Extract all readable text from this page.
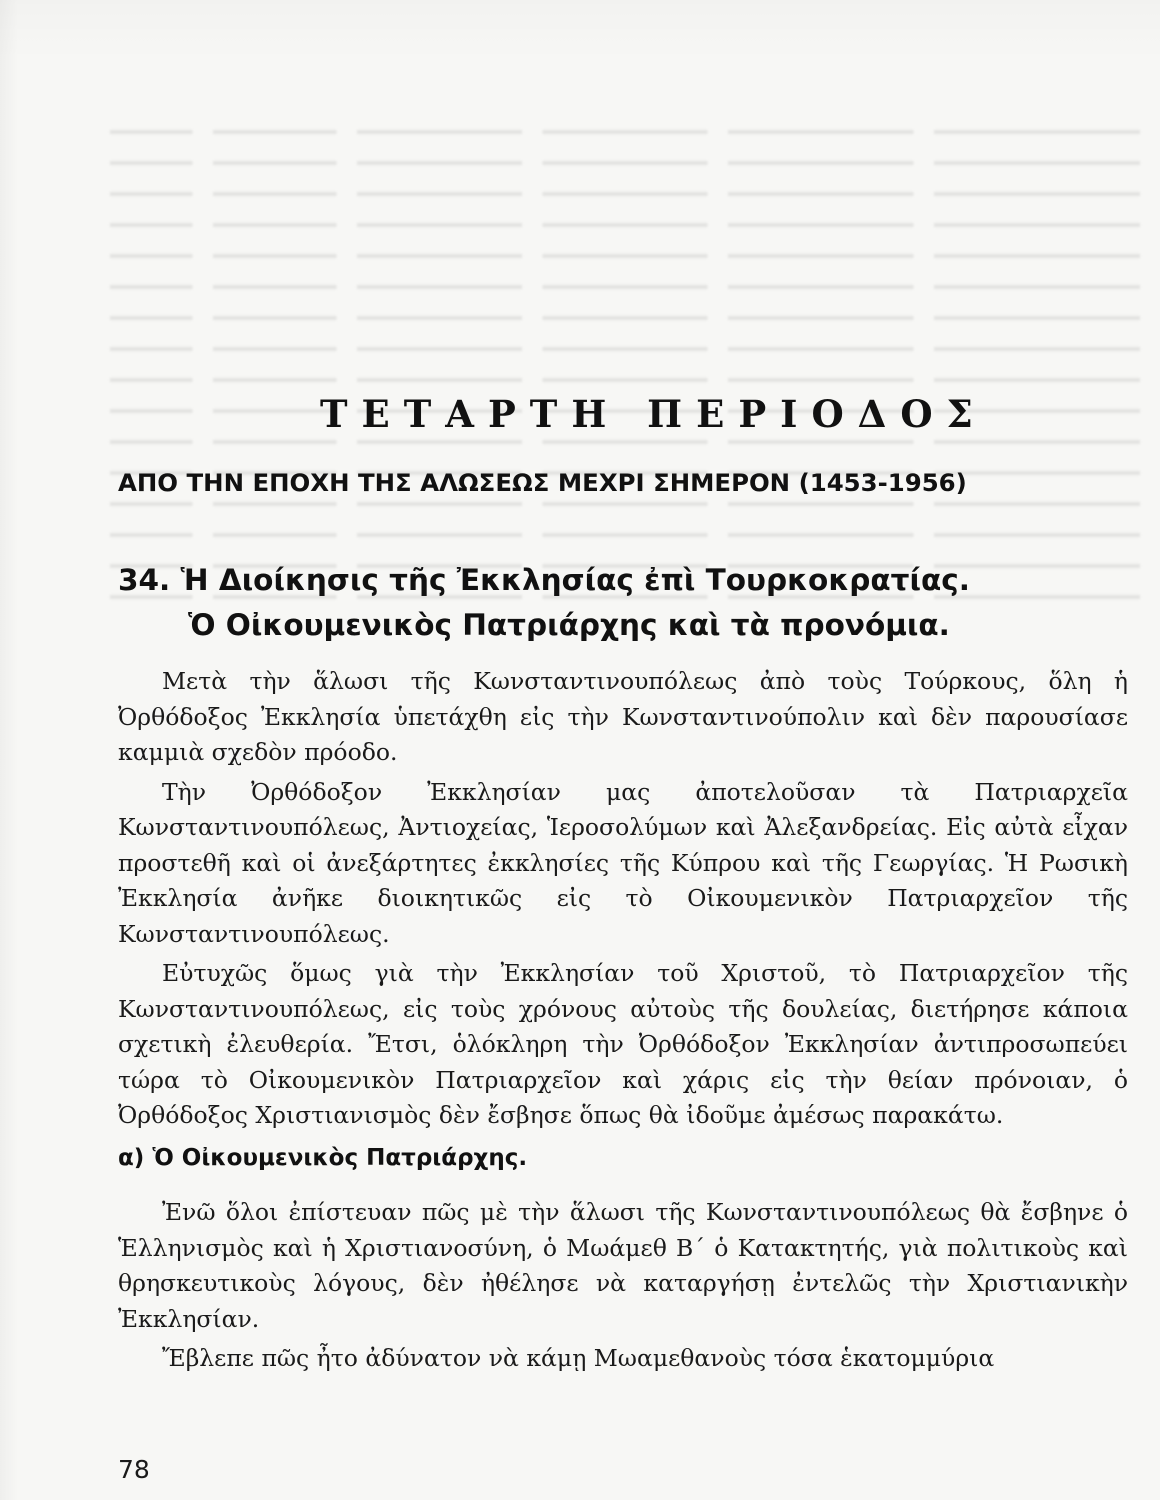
ΤΕΤΑΡΤΗ ΠΕΡΙΟΔΟΣ
ΑΠΟ ΤΗΝ ΕΠΟΧΗ ΤΗΣ ΑΛΩΣΕΩΣ ΜΕΧΡΙ ΣΗΜΕΡΟΝ (1453-1956)
34. Ἡ Διοίκησις τῆς Ἐκκλησίας ἐπὶ Τουρκοκρατίας.
Ὁ Οἰκουμενικὸς Πατριάρχης καὶ τὰ προνόμια.

Μετὰ τὴν ἅλωσι τῆς Κωνσταντινουπόλεως ἀπὸ τοὺς Τούρκους, ὅλη ἡ Ὀρθόδοξος Ἐκκλησία ὑπετάχθη εἰς τὴν Κωνσταντινούπολιν καὶ δὲν παρουσίασε καμμιὰ σχεδὸν πρόοδο.

Τὴν Ὀρθόδοξον Ἐκκλησίαν μας ἀποτελοῦσαν τὰ Πατριαρχεῖα Κωνσταντινουπόλεως, Ἀντιοχείας, Ἱεροσολύμων καὶ Ἀλεξανδρείας. Εἰς αὐτὰ εἶχαν προστεθῆ καὶ οἱ ἀνεξάρτητες ἐκκλησίες τῆς Κύπρου καὶ τῆς Γεωργίας. Ἡ Ρωσικὴ Ἐκκλησία ἀνῆκε διοικητικῶς εἰς τὸ Οἰκουμενικὸν Πατριαρχεῖον τῆς Κωνσταντινουπόλεως.

Εὐτυχῶς ὅμως γιὰ τὴν Ἐκκλησίαν τοῦ Χριστοῦ, τὸ Πατριαρχεῖον τῆς Κωνσταντινουπόλεως, εἰς τοὺς χρόνους αὐτοὺς τῆς δουλείας, διετήρησε κάποια σχετικὴ ἐλευθερία. Ἔτσι, ὁλόκληρη τὴν Ὀρθόδοξον Ἐκκλησίαν ἀντιπροσωπεύει τώρα τὸ Οἰκουμενικὸν Πατριαρχεῖον καὶ χάρις εἰς τὴν θείαν πρόνοιαν, ὁ Ὀρθόδοξος Χριστιανισμὸς δὲν ἔσβησε ὅπως θὰ ἰδοῦμε ἀμέσως παρακάτω.

α) Ὁ Οἰκουμενικὸς Πατριάρχης.

Ἐνῶ ὅλοι ἐπίστευαν πῶς μὲ τὴν ἅλωσι τῆς Κωνσταντινουπόλεως θὰ ἔσβηνε ὁ Ἑλληνισμὸς καὶ ἡ Χριστιανοσύνη, ὁ Μωάμεθ Β΄ ὁ Κατακτητής, γιὰ πολιτικοὺς καὶ θρησκευτικοὺς λόγους, δὲν ἠθέλησε νὰ καταργήσῃ ἐντελῶς τὴν Χριστιανικὴν Ἐκκλησίαν.

Ἔβλεπε πῶς ἦτο ἀδύνατον νὰ κάμῃ Μωαμεθανοὺς τόσα ἑκατομμύρια

78
